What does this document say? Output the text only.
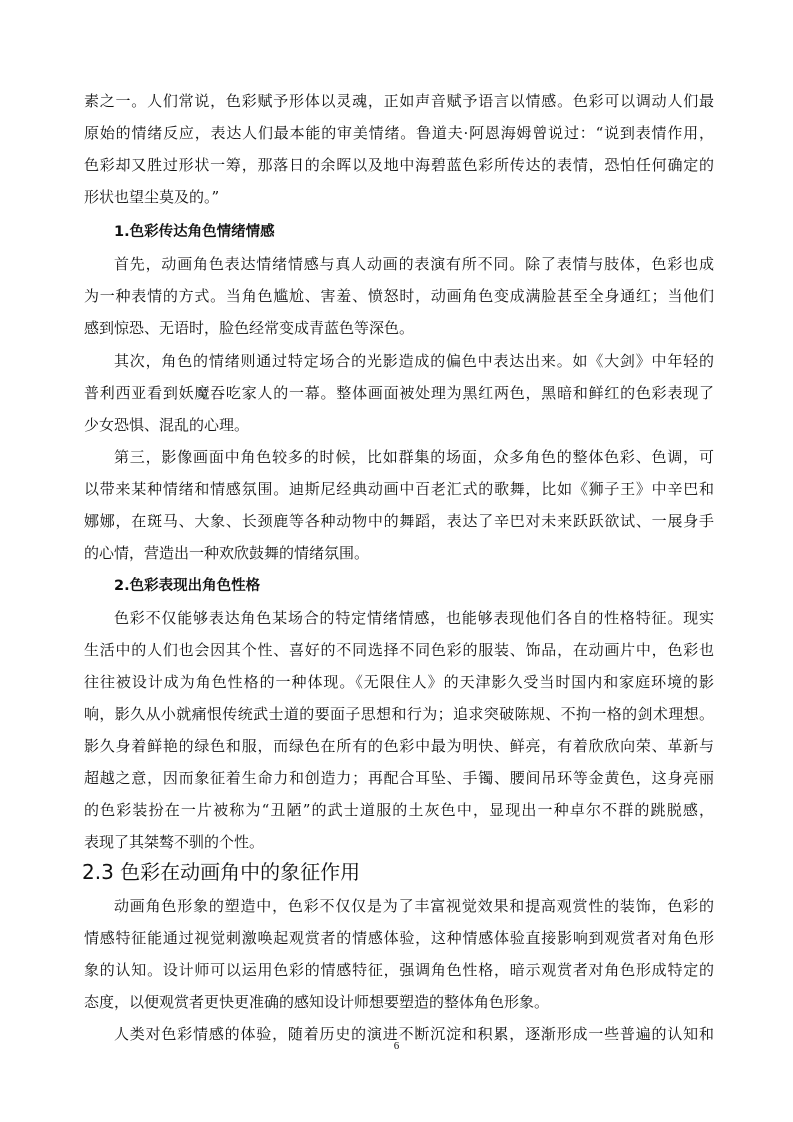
素之一。人们常说，色彩赋予形体以灵魂，正如声音赋予语言以情感。色彩可以调动人们最
原始的情绪反应，表达人们最本能的审美情绪。鲁道夫·阿恩海姆曾说过：“说到表情作用，
色彩却又胜过形状一筹，那落日的余晖以及地中海碧蓝色彩所传达的表情，恐怕任何确定的
形状也望尘莫及的。”
1.色彩传达角色情绪情感
首先，动画角色表达情绪情感与真人动画的表演有所不同。除了表情与肢体，色彩也成
为一种表情的方式。当角色尴尬、害羞、愤怒时，动画角色变成满脸甚至全身通红；当他们
感到惊恐、无语时，脸色经常变成青蓝色等深色。
其次，角色的情绪则通过特定场合的光影造成的偏色中表达出来。如《大剑》中年轻的
普利西亚看到妖魔吞吃家人的一幕。整体画面被处理为黑红两色，黑暗和鲜红的色彩表现了
少女恐惧、混乱的心理。
第三，影像画面中角色较多的时候，比如群集的场面，众多角色的整体色彩、色调，可
以带来某种情绪和情感氛围。迪斯尼经典动画中百老汇式的歌舞，比如《狮子王》中辛巴和
娜娜，在斑马、大象、长颈鹿等各种动物中的舞蹈，表达了辛巴对未来跃跃欲试、一展身手
的心情，营造出一种欢欣鼓舞的情绪氛围。
2.色彩表现出角色性格
色彩不仅能够表达角色某场合的特定情绪情感，也能够表现他们各自的性格特征。现实
生活中的人们也会因其个性、喜好的不同选择不同色彩的服装、饰品，在动画片中，色彩也
往往被设计成为角色性格的一种体现。《无限住人》的天津影久受当时国内和家庭环境的影
响，影久从小就痛恨传统武士道的要面子思想和行为；追求突破陈规、不拘一格的剑术理想。
影久身着鲜艳的绿色和服，而绿色在所有的色彩中最为明快、鲜亮，有着欣欣向荣、革新与
超越之意，因而象征着生命力和创造力；再配合耳坠、手镯、腰间吊环等金黄色，这身亮丽
的色彩装扮在一片被称为“丑陋”的武士道服的土灰色中，显现出一种卓尔不群的跳脱感，
表现了其桀骜不驯的个性。
2.3 色彩在动画角中的象征作用
动画角色形象的塑造中，色彩不仅仅是为了丰富视觉效果和提高观赏性的装饰，色彩的
情感特征能通过视觉刺激唤起观赏者的情感体验，这种情感体验直接影响到观赏者对角色形
象的认知。设计师可以运用色彩的情感特征，强调角色性格，暗示观赏者对角色形成特定的
态度，以便观赏者更快更准确的感知设计师想要塑造的整体角色形象。
人类对色彩情感的体验，随着历史的演进不断沉淀和积累，逐渐形成一些普遍的认知和
6
